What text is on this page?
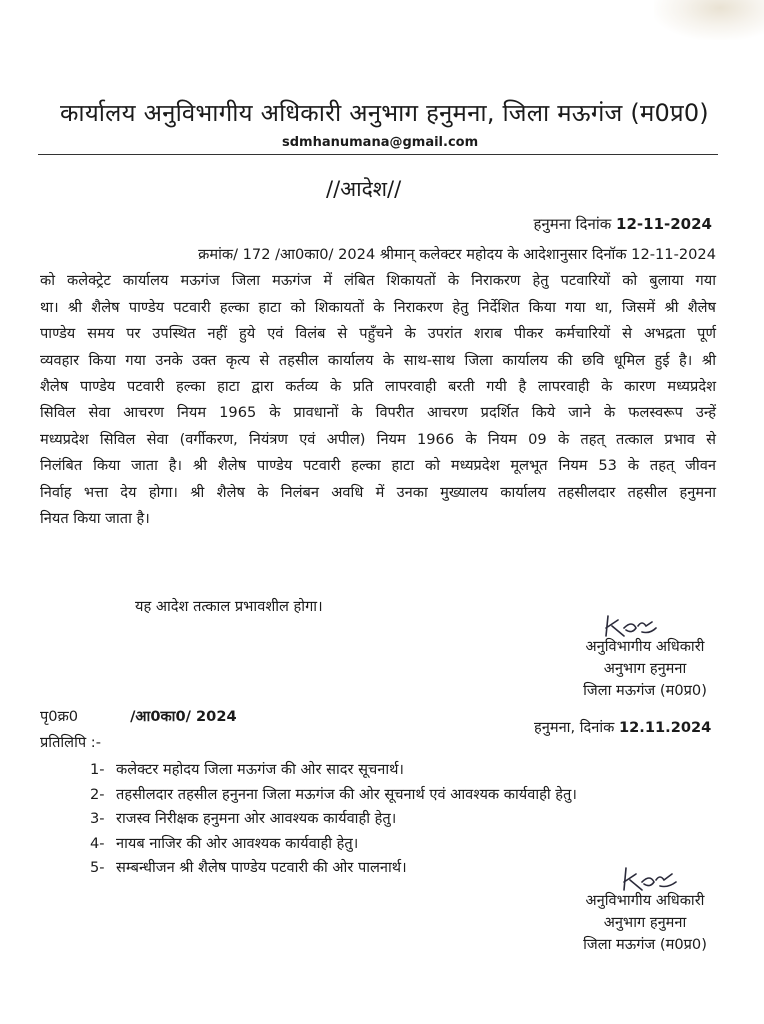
कार्यालय अनुविभागीय अधिकारी अनुभाग हनुमना, जिला मऊगंज (म0प्र0)
sdmhanumana@gmail.com
//आदेश//
हनुमना दिनांक 12-11-2024
क्रमांक/ 172 /आ0का0/ 2024 श्रीमान् कलेक्टर महोदय के आदेशानुसार दिनॉक 12-11-2024
को कलेक्ट्रेट कार्यालय मऊगंज जिला मऊगंज में लंबित शिकायतों के निराकरण हेतु पटवारियों को बुलाया गया
था। श्री शैलेष पाण्डेय पटवारी हल्का हाटा को शिकायतों के निराकरण हेतु निर्देशित किया गया था, जिसमें श्री शैलेष
पाण्डेय समय पर उपस्थित नहीं हुये एवं विलंब से पहुँचने के उपरांत शराब पीकर कर्मचारियों से अभद्रता पूर्ण
व्यवहार किया गया उनके उक्त कृत्य से तहसील कार्यालय के साथ-साथ जिला कार्यालय की छवि धूमिल हुई है। श्री
शैलेष पाण्डेय पटवारी हल्का हाटा द्वारा कर्तव्य के प्रति लापरवाही बरती गयी है लापरवाही के कारण मध्यप्रदेश
सिविल सेवा आचरण नियम 1965 के प्रावधानों के विपरीत आचरण प्रदर्शित किये जाने के फलस्वरूप उन्हें
मध्यप्रदेश सिविल सेवा (वर्गीकरण, नियंत्रण एवं अपील) नियम 1966 के नियम 09 के तहत् तत्काल प्रभाव से
निलंबित किया जाता है। श्री शैलेष पाण्डेय पटवारी हल्का हाटा को मध्यप्रदेश मूलभूत नियम 53 के तहत् जीवन
निर्वाह भत्ता देय होगा। श्री शैलेष के निलंबन अवधि में उनका मुख्यालय कार्यालय तहसीलदार तहसील हनुमना
नियत किया जाता है।
यह आदेश तत्काल प्रभावशील होगा।
अनुविभागीय अधिकारी
अनुभाग हनुमना
जिला मऊगंज (म0प्र0)
पृ0क्र0	/आ0का0/ 2024
हनुमना, दिनांक 12.11.2024
प्रतिलिपि :-
1- कलेक्टर महोदय जिला मऊगंज की ओर सादर सूचनार्थ।
2- तहसीलदार तहसील हनुनना जिला मऊगंज की ओर सूचनार्थ एवं आवश्यक कार्यवाही हेतु।
3- राजस्व निरीक्षक हनुमना ओर आवश्यक कार्यवाही हेतु।
4- नायब नाजिर की ओर आवश्यक कार्यवाही हेतु।
5- सम्बन्धीजन श्री शैलेष पाण्डेय पटवारी की ओर पालनार्थ।
अनुविभागीय अधिकारी
अनुभाग हनुमना
जिला मऊगंज (म0प्र0)
